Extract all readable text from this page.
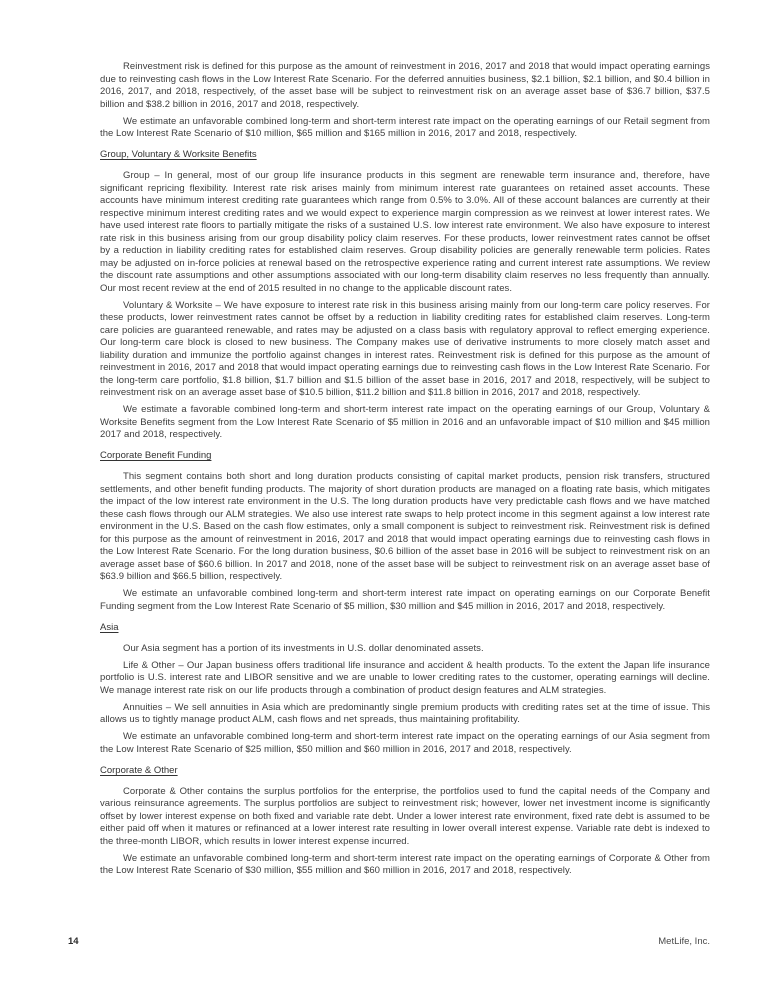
Reinvestment risk is defined for this purpose as the amount of reinvestment in 2016, 2017 and 2018 that would impact operating earnings due to reinvesting cash flows in the Low Interest Rate Scenario. For the deferred annuities business, $2.1 billion, $2.1 billion, and $0.4 billion in 2016, 2017, and 2018, respectively, of the asset base will be subject to reinvestment risk on an average asset base of $36.7 billion, $37.5 billion and $38.2 billion in 2016, 2017 and 2018, respectively.

We estimate an unfavorable combined long-term and short-term interest rate impact on the operating earnings of our Retail segment from the Low Interest Rate Scenario of $10 million, $65 million and $165 million in 2016, 2017 and 2018, respectively.

Group, Voluntary & Worksite Benefits

Group – In general, most of our group life insurance products in this segment are renewable term insurance and, therefore, have significant repricing flexibility. Interest rate risk arises mainly from minimum interest rate guarantees on retained asset accounts. These accounts have minimum interest crediting rate guarantees which range from 0.5% to 3.0%. All of these account balances are currently at their respective minimum interest crediting rates and we would expect to experience margin compression as we reinvest at lower interest rates. We have used interest rate floors to partially mitigate the risks of a sustained U.S. low interest rate environment. We also have exposure to interest rate risk in this business arising from our group disability policy claim reserves. For these products, lower reinvestment rates cannot be offset by a reduction in liability crediting rates for established claim reserves. Group disability policies are generally renewable term policies. Rates may be adjusted on in-force policies at renewal based on the retrospective experience rating and current interest rate assumptions. We review the discount rate assumptions and other assumptions associated with our long-term disability claim reserves no less frequently than annually. Our most recent review at the end of 2015 resulted in no change to the applicable discount rates.

Voluntary & Worksite – We have exposure to interest rate risk in this business arising mainly from our long-term care policy reserves. For these products, lower reinvestment rates cannot be offset by a reduction in liability crediting rates for established claim reserves. Long-term care policies are guaranteed renewable, and rates may be adjusted on a class basis with regulatory approval to reflect emerging experience. Our long-term care block is closed to new business. The Company makes use of derivative instruments to more closely match asset and liability duration and immunize the portfolio against changes in interest rates. Reinvestment risk is defined for this purpose as the amount of reinvestment in 2016, 2017 and 2018 that would impact operating earnings due to reinvesting cash flows in the Low Interest Rate Scenario. For the long-term care portfolio, $1.8 billion, $1.7 billion and $1.5 billion of the asset base in 2016, 2017 and 2018, respectively, will be subject to reinvestment risk on an average asset base of $10.5 billion, $11.2 billion and $11.8 billion in 2016, 2017 and 2018, respectively.

We estimate a favorable combined long-term and short-term interest rate impact on the operating earnings of our Group, Voluntary & Worksite Benefits segment from the Low Interest Rate Scenario of $5 million in 2016 and an unfavorable impact of $10 million and $45 million 2017 and 2018, respectively.

Corporate Benefit Funding

This segment contains both short and long duration products consisting of capital market products, pension risk transfers, structured settlements, and other benefit funding products. The majority of short duration products are managed on a floating rate basis, which mitigates the impact of the low interest rate environment in the U.S. The long duration products have very predictable cash flows and we have matched these cash flows through our ALM strategies. We also use interest rate swaps to help protect income in this segment against a low interest rate environment in the U.S. Based on the cash flow estimates, only a small component is subject to reinvestment risk. Reinvestment risk is defined for this purpose as the amount of reinvestment in 2016, 2017 and 2018 that would impact operating earnings due to reinvesting cash flows in the Low Interest Rate Scenario. For the long duration business, $0.6 billion of the asset base in 2016 will be subject to reinvestment risk on an average asset base of $60.6 billion. In 2017 and 2018, none of the asset base will be subject to reinvestment risk on an average asset base of $63.9 billion and $66.5 billion, respectively.

We estimate an unfavorable combined long-term and short-term interest rate impact on operating earnings on our Corporate Benefit Funding segment from the Low Interest Rate Scenario of $5 million, $30 million and $45 million in 2016, 2017 and 2018, respectively.

Asia

Our Asia segment has a portion of its investments in U.S. dollar denominated assets.

Life & Other – Our Japan business offers traditional life insurance and accident & health products. To the extent the Japan life insurance portfolio is U.S. interest rate and LIBOR sensitive and we are unable to lower crediting rates to the customer, operating earnings will decline. We manage interest rate risk on our life products through a combination of product design features and ALM strategies.

Annuities – We sell annuities in Asia which are predominantly single premium products with crediting rates set at the time of issue. This allows us to tightly manage product ALM, cash flows and net spreads, thus maintaining profitability.

We estimate an unfavorable combined long-term and short-term interest rate impact on the operating earnings of our Asia segment from the Low Interest Rate Scenario of $25 million, $50 million and $60 million in 2016, 2017 and 2018, respectively.

Corporate & Other

Corporate & Other contains the surplus portfolios for the enterprise, the portfolios used to fund the capital needs of the Company and various reinsurance agreements. The surplus portfolios are subject to reinvestment risk; however, lower net investment income is significantly offset by lower interest expense on both fixed and variable rate debt. Under a lower interest rate environment, fixed rate debt is assumed to be either paid off when it matures or refinanced at a lower interest rate resulting in lower overall interest expense. Variable rate debt is indexed to the three-month LIBOR, which results in lower interest expense incurred.

We estimate an unfavorable combined long-term and short-term interest rate impact on the operating earnings of Corporate & Other from the Low Interest Rate Scenario of $30 million, $55 million and $60 million in 2016, 2017 and 2018, respectively.

14	MetLife, Inc.
